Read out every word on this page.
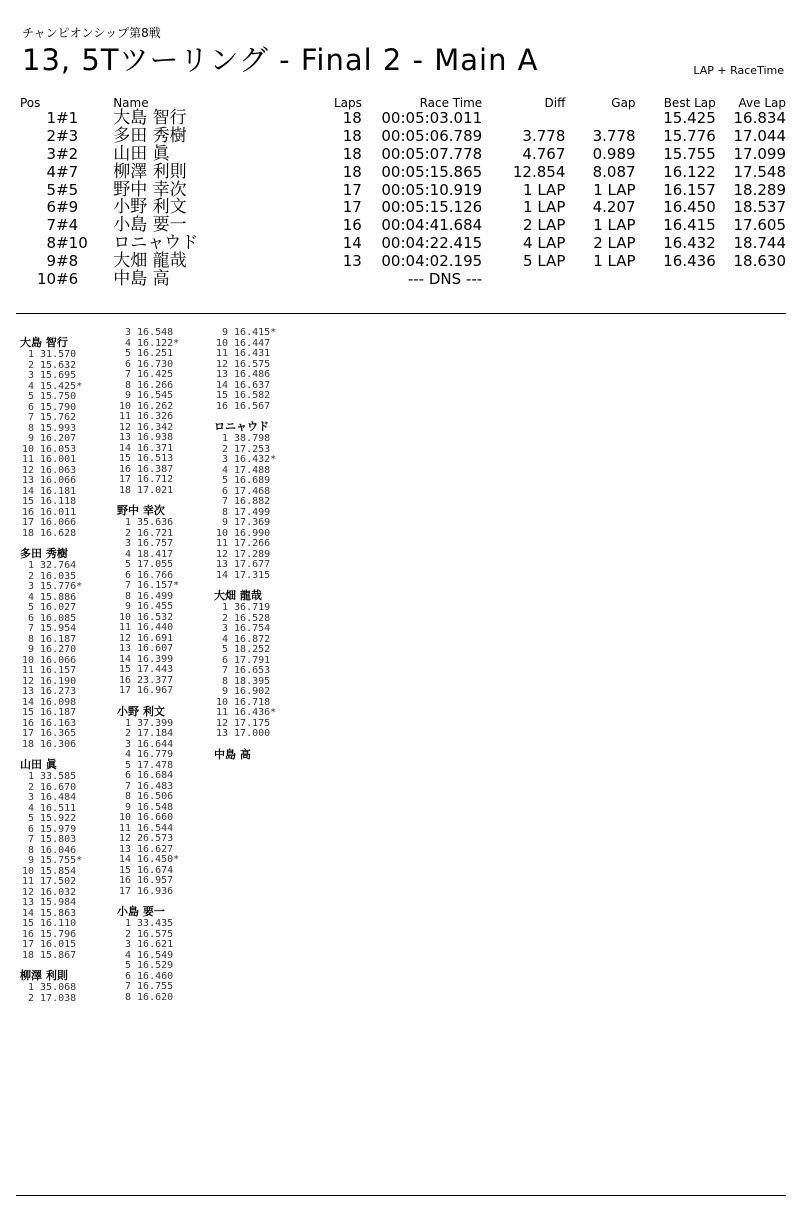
チャンピオンシップ第8戦
13, 5Tツーリング - Final 2 - Main A	LAP + RaceTime
Pos		Name	Laps	Race Time	Diff	Gap	Best Lap	Ave Lap
1	#1	大島 智行	18	00:05:03.011			15.425	16.834
2	#3	多田 秀樹	18	00:05:06.789	3.778	3.778	15.776	17.044
3	#2	山田 眞	18	00:05:07.778	4.767	0.989	15.755	17.099
4	#7	柳澤 利則	18	00:05:15.865	12.854	8.087	16.122	17.548
5	#5	野中 幸次	17	00:05:10.919	1 LAP	1 LAP	16.157	18.289
6	#9	小野 利文	17	00:05:15.126	1 LAP	4.207	16.450	18.537
7	#4	小島 要一	16	00:04:41.684	2 LAP	1 LAP	16.415	17.605
8	#10	ロニャウド	14	00:04:22.415	4 LAP	2 LAP	16.432	18.744
9	#8	大畑 龍哉	13	00:04:02.195	5 LAP	1 LAP	16.436	18.630
10	#6	中島 高		--- DNS ---				
大島 智行
1 31.570
2 15.632
3 15.695
4 15.425*
5 15.750
6 15.790
7 15.762
8 15.993
9 16.207
10 16.053
11 16.001
12 16.063
13 16.066
14 16.181
15 16.118
16 16.011
17 16.066
18 16.628
多田 秀樹
1 32.764
2 16.035
3 15.776*
4 15.886
5 16.027
6 16.085
7 15.954
8 16.187
9 16.270
10 16.066
11 16.157
12 16.190
13 16.273
14 16.098
15 16.187
16 16.163
17 16.365
18 16.306
山田 眞
1 33.585
2 16.670
3 16.484
4 16.511
5 15.922
6 15.979
7 15.803
8 16.046
9 15.755*
10 15.854
11 17.502
12 16.032
13 15.984
14 15.863
15 16.110
16 15.796
17 16.015
18 15.867
柳澤 利則
1 35.068
2 17.038
3 16.548
4 16.122*
5 16.251
6 16.730
7 16.425
8 16.266
9 16.545
10 16.262
11 16.326
12 16.342
13 16.938
14 16.371
15 16.513
16 16.387
17 16.712
18 17.021
野中 幸次
1 35.636
2 16.721
3 16.757
4 18.417
5 17.055
6 16.766
7 16.157*
8 16.499
9 16.455
10 16.532
11 16.440
12 16.691
13 16.607
14 16.399
15 17.443
16 23.377
17 16.967
小野 利文
1 37.399
2 17.184
3 16.644
4 16.779
5 17.478
6 16.684
7 16.483
8 16.506
9 16.548
10 16.660
11 16.544
12 26.573
13 16.627
14 16.450*
15 16.674
16 16.957
17 16.936
小島 要一
1 33.435
2 16.575
3 16.621
4 16.549
5 16.529
6 16.460
7 16.755
8 16.620
9 16.415*
10 16.447
11 16.431
12 16.575
13 16.486
14 16.637
15 16.582
16 16.567
ロニャウド
1 38.798
2 17.253
3 16.432*
4 17.488
5 16.689
6 17.468
7 16.882
8 17.499
9 17.369
10 16.990
11 17.266
12 17.289
13 17.677
14 17.315
大畑 龍哉
1 36.719
2 16.528
3 16.754
4 16.872
5 18.252
6 17.791
7 16.653
8 18.395
9 16.902
10 16.718
11 16.436*
12 17.175
13 17.000
中島 高
